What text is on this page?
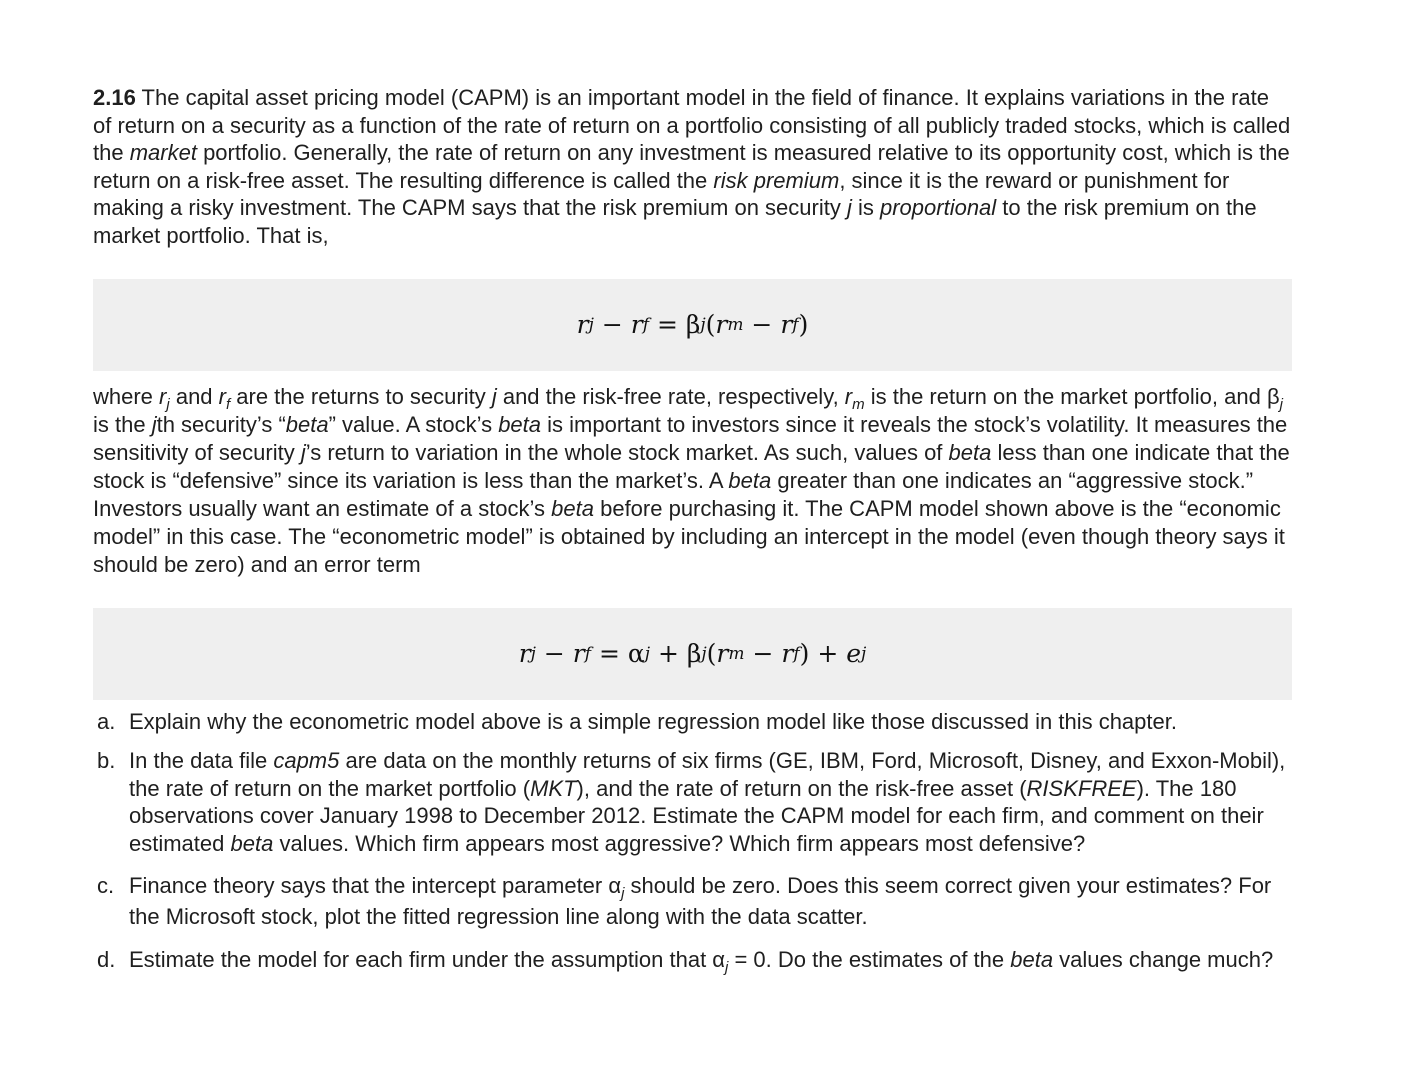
2.16 The capital asset pricing model (CAPM) is an important model in the field of finance. It explains variations in the rate of return on a security as a function of the rate of return on a portfolio consisting of all publicly traded stocks, which is called the market portfolio. Generally, the rate of return on any investment is measured relative to its opportunity cost, which is the return on a risk-free asset. The resulting difference is called the risk premium, since it is the reward or punishment for making a risky investment. The CAPM says that the risk premium on security j is proportional to the risk premium on the market portfolio. That is,

r j
−
r f
=
β j ( r m
−
r f )

where $r_j$ and $r_f$ are the returns to security j and the risk-free rate, respectively, $r_m$ is the return on the market portfolio, and $\beta_j$ is the jth security’s “beta” value. A stock’s beta is important to investors since it reveals the stock’s volatility. It measures the sensitivity of security j’s return to variation in the whole stock market. As such, values of beta less than one indicate that the stock is “defensive” since its variation is less than the market’s. A beta greater than one indicates an “aggressive stock.” Investors usually want an estimate of a stock’s beta before purchasing it. The CAPM model shown above is the “economic model” in this case. The “econometric model” is obtained by including an intercept in the model (even though theory says it should be zero) and an error term

r j
−
r f
=
α j
+
β j ( r m
−
r f )
+
e j
a. Explain why the econometric model above is a simple regression model like those discussed in this chapter.
b. In the data file capm5 are data on the monthly returns of six firms (GE, IBM, Ford, Microsoft, Disney, and Exxon-Mobil), the rate of return on the market portfolio (MKT), and the rate of return on the risk-free asset (RISKFREE). The 180 observations cover January 1998 to December 2012. Estimate the CAPM model for each firm, and comment on their estimated beta values. Which firm appears most aggressive? Which firm appears most defensive?
c. Finance theory says that the intercept parameter $\alpha_j$ should be zero. Does this seem correct given your estimates? For the Microsoft stock, plot the fitted regression line along with the data scatter.
d. Estimate the model for each firm under the assumption that $\alpha_j = 0$. Do the estimates of the beta values change much?
